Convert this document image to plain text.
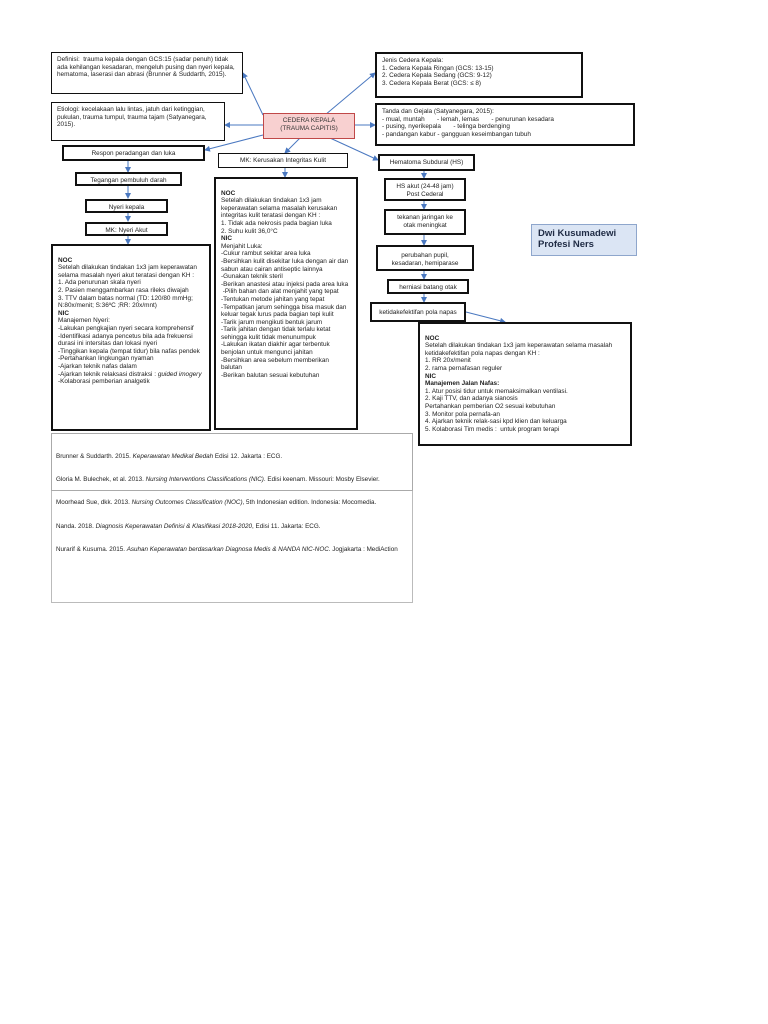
Definisi:  trauma kepala dengan GCS:15 (sadar penuh) tidak ada kehilangan kesadaran, mengeluh pusing dan nyeri kepala, hematoma, laserasi dan abrasi (Brunner & Suddarth, 2015).
Jenis Cedera Kepala:
1. Cedera Kepala Ringan (GCS: 13-15)
2. Cedera Kepala Sedang (GCS: 9-12)
3. Cedera Kepala Berat (GCS: ≤ 8)
Etiologi: kecelakaan lalu lintas, jatuh dari ketinggian, pukulan, trauma tumpul, trauma tajam (Satyanegara, 2015).
CEDERA KEPALA
(TRAUMA CAPITIS)
Tanda dan Gejala (Satyanegara, 2015):
- mual, muntah       - lemah, lemas       - penurunan kesadara
- pusing, nyerikepala       - telinga berdenging
- pandangan kabur - gangguan keseimbangan tubuh
Respon peradangan dan luka
MK: Kerusakan Integritas Kulit	Hematoma Subdural (HS)
Tegangan pembuluh darah
Nyeri kepala
MK: Nyeri Akut

NOC
Setelah dilakukan tindakan 1x3 jam keperawatan selama masalah nyeri akut teratasi dengan KH :
1. Ada penurunan skala nyeri
2. Pasien menggambarkan rasa rileks diwajah
3. TTV dalam batas normal (TD: 120/80 mmHg; N:80x/menit; S:36ºC ;RR: 20x/mnt)
NIC
Manajemen Nyeri:
-Lakukan pengkajian nyeri secara komprehensif
-Identifikasi adanya pencetus bila ada frekuensi durasi ini intersitas dan lokasi nyeri
-Tinggikan kepala (tempat tidur) bila nafas pendek
-Pertahankan lingkungan nyaman
-Ajarkan teknik nafas dalam
-Ajarkan teknik relaksasi distraksi : guided imogery
-Kolaborasi pemberian analgetik

NOC
Setelah dilakukan tindakan 1x3 jam keperawatan selama masalah kerusakan integritas kulit teratasi dengan KH :
1. Tidak ada nekrosis pada bagian luka
2. Suhu kulit 36,0°C
NIC
Menjahit Luka:
-Cukur rambut sekitar area luka
-Bersihkan kulit disekitar luka dengan air dan sabun atau cairan antiseptic lainnya
-Gunakan teknik steril
-Berikan anastesi atau injeksi pada area luka
-Pilih bahan dan alat menjahit yang tepat
-Tentukan metode jahitan yang tepat
-Tempatkan jarum sehingga bisa masuk dan keluar tegak lurus pada bagian tepi kulit
-Tarik jarum mengikuti bentuk jarum
-Tarik jahitan dengan tidak terlalu ketat sehingga kulit tidak menunumpuk
-Lakukan ikatan diakhir agar terbentuk benjolan untuk mengunci jahitan
-Bersihkan area sebelum memberikan balutan
-Berikan balutan sesuai kebutuhan

HS akut (24-48 jam)
Post Cederal
tekanan jaringan ke
otak meningkat
perubahan pupil,
kesadaran, hemiparase
herniasi batang otak
ketidakefektifan pola napas
Dwi Kusumadewi
Profesi Ners

NOC
Setelah dilakukan tindakan 1x3 jam keperawatan selama masalah ketidakefektifan pola napas dengan KH :
1. RR 20x/menit
2. rama pernafasan reguler
NIC
Manajemen Jalan Nafas:
1. Atur posisi tidur untuk memaksimalkan ventilasi.
2. Kaji TTV, dan adanya sianosis
Pertahankan pemberian O2 sesuai kebutuhan
3. Monitor pola pernafa-an
4. Ajarkan teknik relak-sasi kpd klien dan keluarga
5. Kolaborasi Tim medis :  untuk program terapi

Brunner & Suddarth. 2015. Keperawatan Medikal Bedah Edisi 12. Jakarta : ECG.

Gloria M. Bulechek, et al. 2013. Nursing Interventions Classifications (NIC). Edisi keenam. Missouri: Mosby Elsevier.

Moorhead Sue, dkk. 2013. Nursing Outcomes Classification (NOC), 5th Indonesian edition. Indonesia: Mocomedia.

Nanda. 2018. Diagnosis Keperawatan Definisi & Klasifikasi 2018-2020, Edisi 11. Jakarta: ECG.

Nurarif & Kusuma. 2015. Asuhan Keperawatan berdasarkan Diagnosa Medis & NANDA NIC-NOC. Jogjakarta : MediAction
